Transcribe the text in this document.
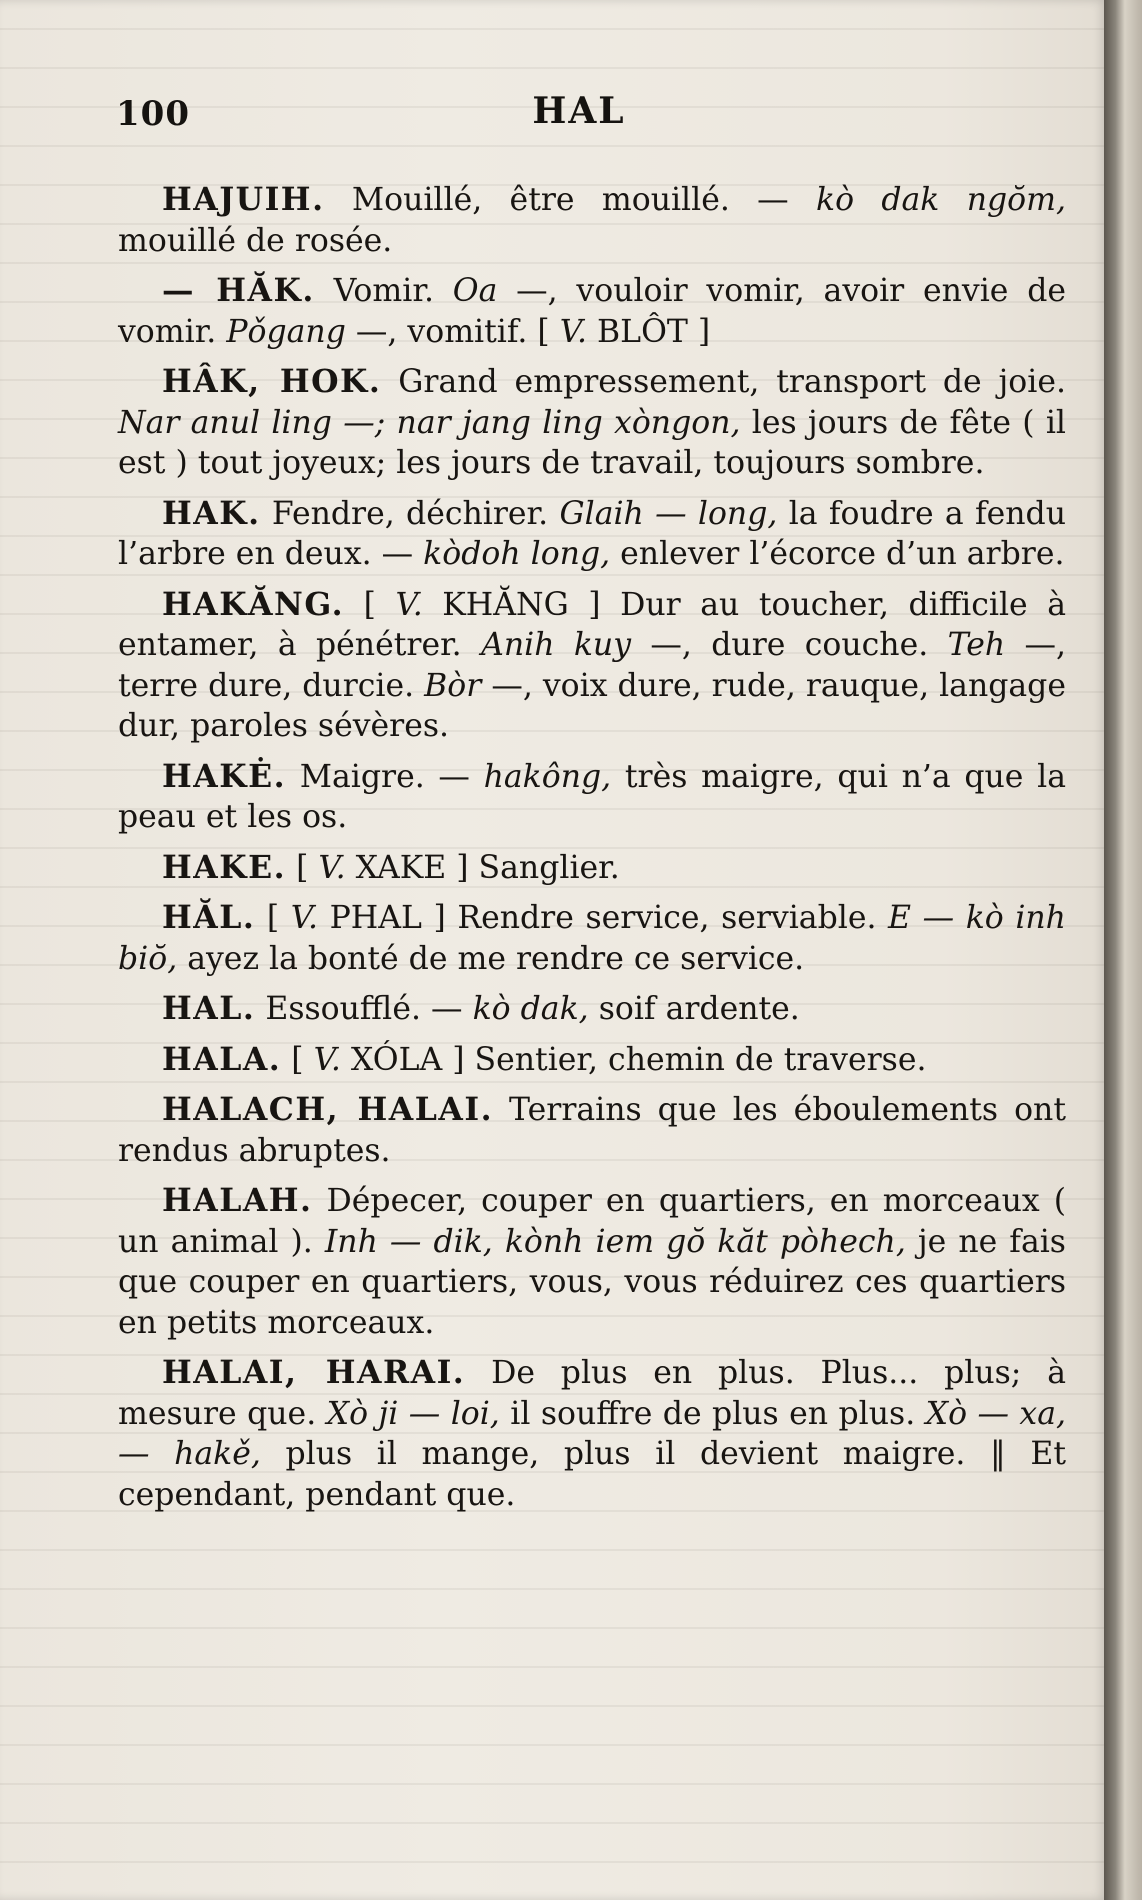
100	HAL

HAJUIH. Mouillé, être mouillé. — kò dak ngŏm, mouillé de rosée.

— HĂK. Vomir. Oa —, vouloir vomir, avoir envie de vomir. Pǒgang —, vomitif. [ V. BLÔT ]

HÂK, HOK. Grand empressement, transport de joie. Nar anul ling —; nar jang ling xòngon, les jours de fête ( il est ) tout joyeux; les jours de travail, toujours sombre.

HAK. Fendre, déchirer. Glaih — long, la foudre a fendu l’arbre en deux. — kòdoh long, enlever l’écorce d’un arbre.

HAKĂNG. [ V. KHĂNG ] Dur au toucher, difficile à entamer, à pénétrer. Anih kuy —, dure couche. Teh —, terre dure, durcie. Bòr —, voix dure, rude, rauque, langage dur, paroles sévères.

HAKĖ. Maigre. — hakông, très maigre, qui n’a que la peau et les os.

HAKE. [ V. XAKE ] Sanglier.

HĂL. [ V. PHAL ] Rendre service, serviable. E — kò inh biŏ, ayez la bonté de me rendre ce service.

HAL. Essoufflé. — kò dak, soif ardente.

HALA. [ V. XÓLA ] Sentier, chemin de traverse.

HALACH, HALAI. Terrains que les éboulements ont rendus abruptes.

HALAH. Dépecer, couper en quartiers, en morceaux ( un animal ). Inh — dik, kònh iem gŏ kăt pòhech, je ne fais que couper en quartiers, vous, vous réduirez ces quartiers en petits morceaux.

HALAI, HARAI. De plus en plus. Plus... plus; à mesure que. Xò ji — loi, il souffre de plus en plus. Xò — xa, — hakě, plus il mange, plus il devient maigre. ‖ Et cependant, pendant que.
